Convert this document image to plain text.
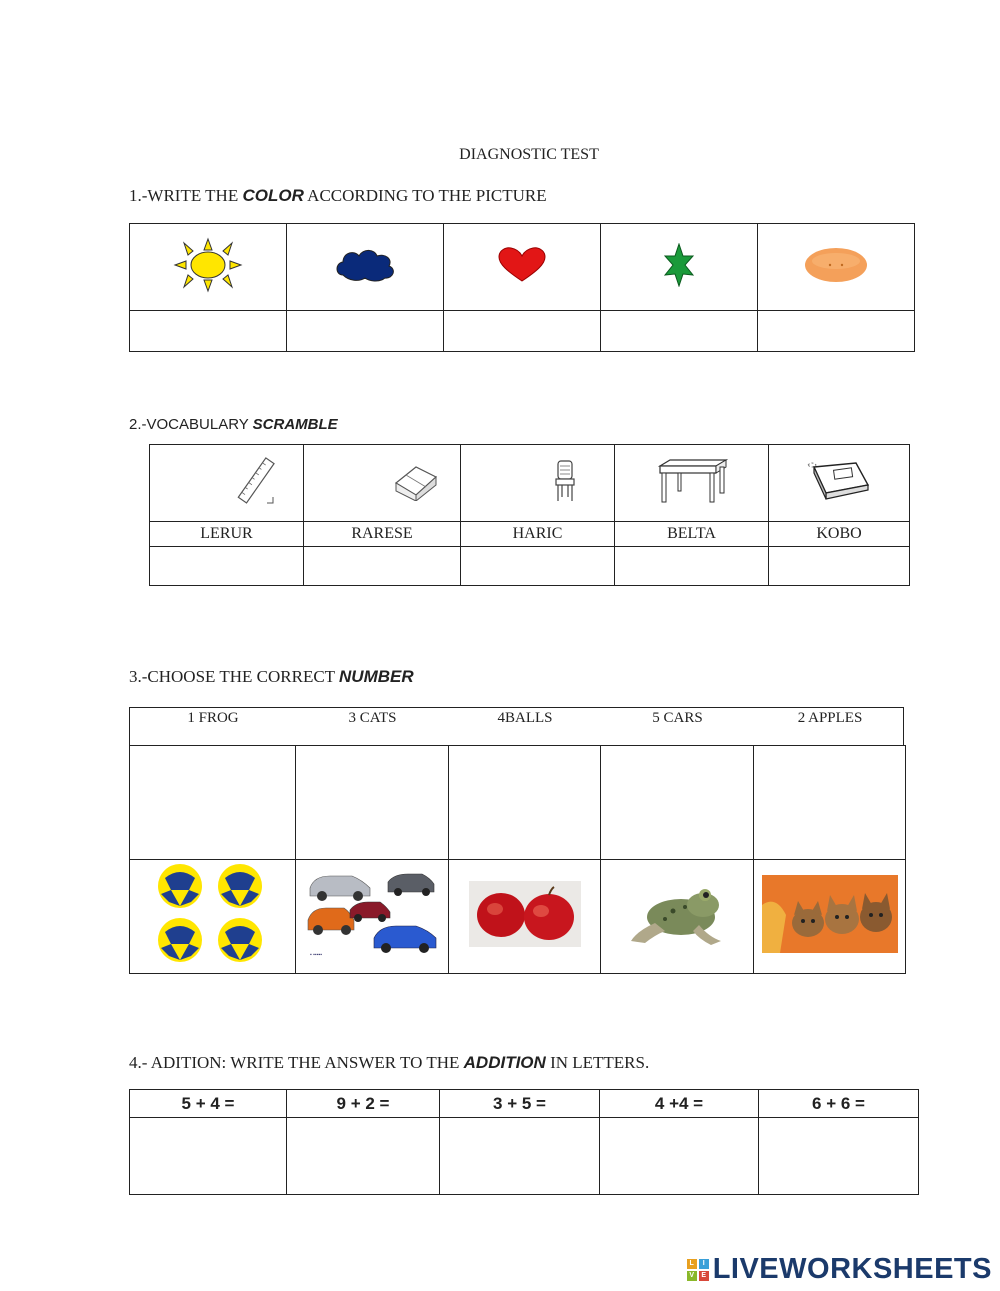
DIAGNOSTIC TEST
1.-WRITE THE COLOR ACCORDING TO THE PICTURE

2.-VOCABULARY SCRAMBLE

LERUR	RARESE	HARIC	BELTA	KOBO

3.-CHOOSE THE CORRECT NUMBER
1 FROG	3 CATS	4BALLS	5 CARS	2 APPLES

▪ ▪▪▪▪▪

4.- ADITION: WRITE THE ANSWER TO THE ADDITION IN LETTERS.
5 + 4 =	9 + 2 =	3 + 5 =	4 +4 =	6 + 6 =

L	I
V	E LIVEWORKSHEETS
